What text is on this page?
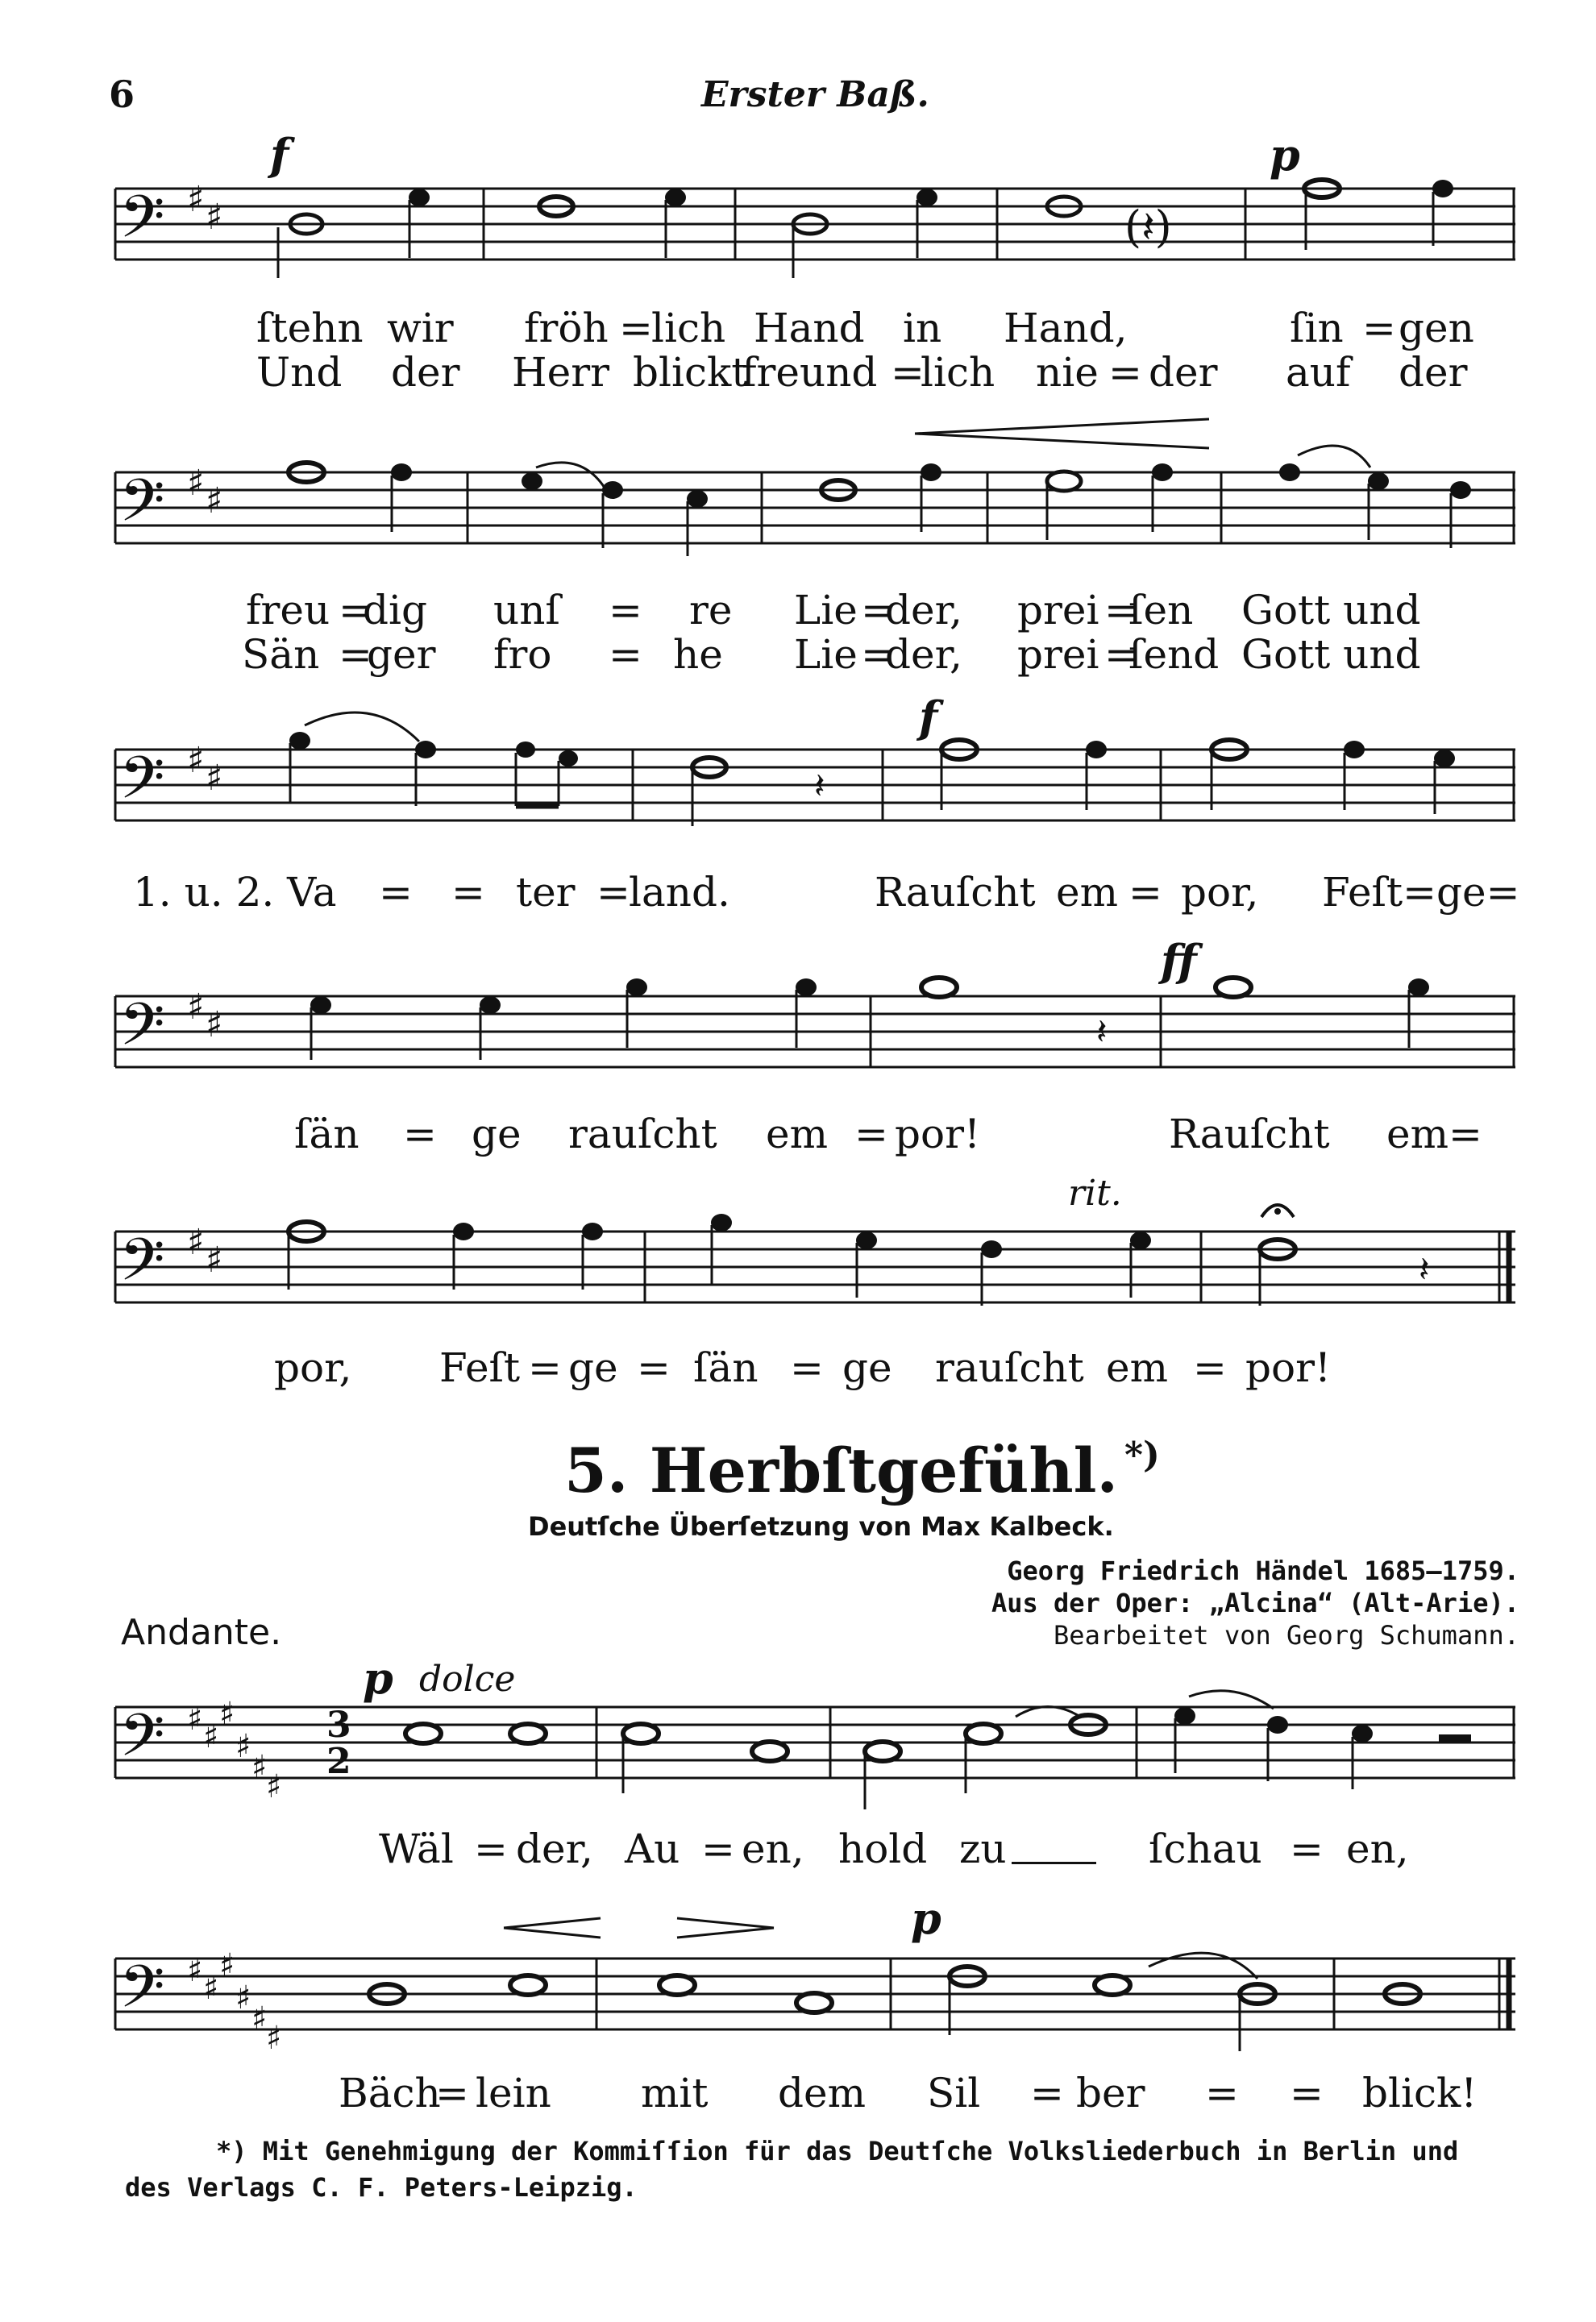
6	Erster Baß.
𝄢 ♯ ♯	(𝄽)
𝄢 ♯ ♯
𝄢 ♯ ♯	𝄽
𝄢 ♯ ♯	𝄽
𝄢 ♯ ♯	𝄽
𝄢 ♯ ♯
♯
♯
♯
♯
3
2
𝄢 ♯ ♯
♯
♯
♯
♯
f	p
ſtehn wir fröh =
lich Hand in Hand,	ſin = gen
Und der Herr blickt
freund =
lich nie = der auf der
freu =
dig unſ = re Lie =
der, prei =
ſen Gott und
Sän =
ger fro = he Lie =
der, prei =
ſend Gott und
f
1. u. 2. Va = = ter =
land.	Rauſcht em = por, Feſt=ge=
ff
ſän = ge rauſcht em = por!	Rauſcht em=
rit.
por, Feſt = ge = ſän = ge rauſcht em = por!
5. Herbſtgefühl. *)
Deutſche Überſetzung von Max Kalbeck.
Georg Friedrich Händel 1685—1759.
Aus der Oper: „Alcina“ (Alt-Arie).
Bearbeitet von Georg Schumann.
Andante.
p dolce
Wäl = der, Au = en, hold zu	ſchau = en,
p
Bäch
= lein mit dem Sil = ber = = blick!
*) Mit Genehmigung der Kommiſſion für das Deutſche Volksliederbuch in Berlin und
des Verlags C. F. Peters-Leipzig.
